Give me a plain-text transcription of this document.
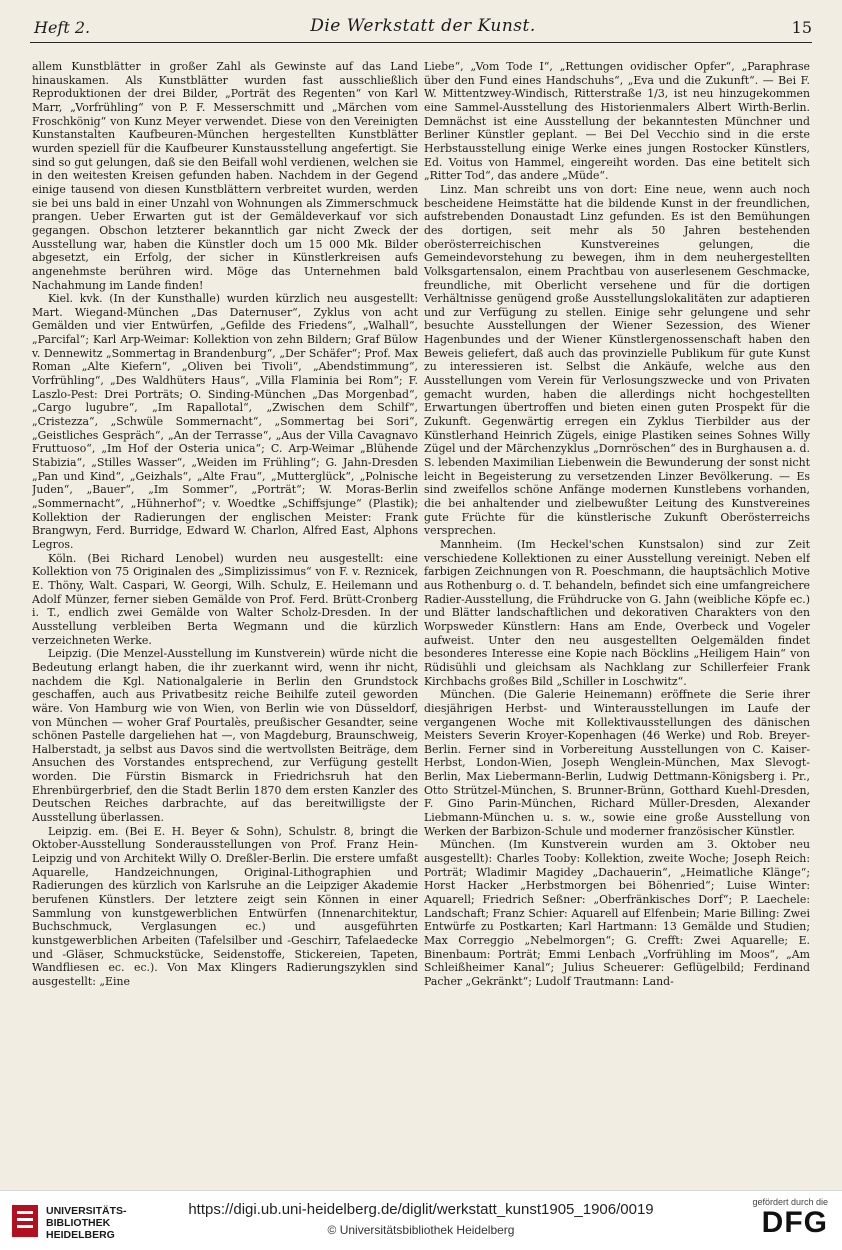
Heft 2.	Die Werkstatt der Kunst.	15

allem Kunstblätter in großer Zahl als Gewinste auf das Land hinauskamen. Als Kunstblätter wurden fast ausschließlich Reproduktionen der drei Bilder, „Porträt des Regenten“ von Karl Marr, „Vorfrühling“ von P. F. Messerschmitt und „Märchen vom Froschkönig“ von Kunz Meyer verwendet. Diese von den Vereinigten Kunstanstalten Kaufbeuren-München hergestellten Kunstblätter wurden speziell für die Kaufbeurer Kunstausstellung angefertigt. Sie sind so gut gelungen, daß sie den Beifall wohl verdienen, welchen sie in den weitesten Kreisen gefunden haben. Nachdem in der Gegend einige tausend von diesen Kunstblättern verbreitet wurden, werden sie bei uns bald in einer Unzahl von Wohnungen als Zimmerschmuck prangen. Ueber Erwarten gut ist der Gemäldeverkauf vor sich gegangen. Obschon letzterer bekanntlich gar nicht Zweck der Ausstellung war, haben die Künstler doch um 15 000 Mk. Bilder abgesetzt, ein Erfolg, der sicher in Künstlerkreisen aufs angenehmste berühren wird. Möge das Unternehmen bald Nachahmung im Lande finden!

Kiel. kvk. (In der Kunsthalle) wurden kürzlich neu ausgestellt: Mart. Wiegand-München „Das Daternuser“, Zyklus von acht Gemälden und vier Entwürfen, „Gefilde des Friedens“, „Walhall“, „Parcifal“; Karl Arp-Weimar: Kollektion von zehn Bildern; Graf Bülow v. Dennewitz „Sommertag in Brandenburg“, „Der Schäfer“; Prof. Max Roman „Alte Kiefern“, „Oliven bei Tivoli“, „Abendstimmung“, Vorfrühling“, „Des Waldhüters Haus“, „Villa Flaminia bei Rom“; F. Laszlo-Pest: Drei Porträts; O. Sinding-München „Das Morgenbad“, „Cargo lugubre“, „Im Rapallotal“, „Zwischen dem Schilf“, „Cristezza“, „Schwüle Sommernacht“, „Sommertag bei Sori“, „Geistliches Gespräch“, „An der Terrasse“, „Aus der Villa Cavagnavo Fruttuoso“, „Im Hof der Osteria unica“; C. Arp-Weimar „Blühende Stabizia“, „Stilles Wasser“, „Weiden im Frühling“; G. Jahn-Dresden „Pan und Kind“, „Geizhals“, „Alte Frau“, „Mutterglück“, „Polnische Juden“, „Bauer“, „Im Sommer“, „Porträt“; W. Moras-Berlin „Sommernacht“, „Hühnerhof“; v. Woedtke „Schiffsjunge“ (Plastik); Kollektion der Radierungen der englischen Meister: Frank Brangwyn, Ferd. Burridge, Edward W. Charlon, Alfred East, Alphons Legros.

Köln. (Bei Richard Lenobel) wurden neu ausgestellt: eine Kollektion von 75 Originalen des „Simplizissimus“ von F. v. Reznicek, E. Thöny, Walt. Caspari, W. Georgi, Wilh. Schulz, E. Heilemann und Adolf Münzer, ferner sieben Gemälde von Prof. Ferd. Brütt-Cronberg i. T., endlich zwei Gemälde von Walter Scholz-Dresden. In der Ausstellung verbleiben Berta Wegmann und die kürzlich verzeichneten Werke.

Leipzig. (Die Menzel-Ausstellung im Kunstverein) würde nicht die Bedeutung erlangt haben, die ihr zuerkannt wird, wenn ihr nicht, nachdem die Kgl. Nationalgalerie in Berlin den Grundstock geschaffen, auch aus Privatbesitz reiche Beihilfe zuteil geworden wäre. Von Hamburg wie von Wien, von Berlin wie von Düsseldorf, von München — woher Graf Pourtalès, preußischer Gesandter, seine schönen Pastelle dargeliehen hat —, von Magdeburg, Braunschweig, Halberstadt, ja selbst aus Davos sind die wertvollsten Beiträge, dem Ansuchen des Vorstandes entsprechend, zur Verfügung gestellt worden. Die Fürstin Bismarck in Friedrichsruh hat den Ehrenbürgerbrief, den die Stadt Berlin 1870 dem ersten Kanzler des Deutschen Reiches darbrachte, auf das bereitwilligste der Ausstellung überlassen.

Leipzig. em. (Bei E. H. Beyer & Sohn), Schulstr. 8, bringt die Oktober-Ausstellung Sonderausstellungen von Prof. Franz Hein-Leipzig und von Architekt Willy O. Dreßler-Berlin. Die erstere umfaßt Aquarelle, Handzeichnungen, Original-Lithographien und Radierungen des kürzlich von Karlsruhe an die Leipziger Akademie berufenen Künstlers. Der letztere zeigt sein Können in einer Sammlung von kunstgewerblichen Entwürfen (Innenarchitektur, Buchschmuck, Verglasungen ec.) und ausgeführten kunstgewerblichen Arbeiten (Tafelsilber und -Geschirr, Tafelaedecke und -Gläser, Schmuckstücke, Seidenstoffe, Stickereien, Tapeten, Wandfliesen ec. ec.). Von Max Klingers Radierungszyklen sind ausgestellt: „Eine

Liebe“, „Vom Tode I“, „Rettungen ovidischer Opfer“, „Paraphrase über den Fund eines Handschuhs“, „Eva und die Zukunft“. — Bei F. W. Mittentzwey-Windisch, Ritterstraße 1/3, ist neu hinzugekommen eine Sammel-Ausstellung des Historienmalers Albert Wirth-Berlin. Demnächst ist eine Ausstellung der bekanntesten Münchner und Berliner Künstler geplant. — Bei Del Vecchio sind in die erste Herbstausstellung einige Werke eines jungen Rostocker Künstlers, Ed. Voitus von Hammel, eingereiht worden. Das eine betitelt sich „Ritter Tod“, das andere „Müde“.

Linz. Man schreibt uns von dort: Eine neue, wenn auch noch bescheidene Heimstätte hat die bildende Kunst in der freundlichen, aufstrebenden Donaustadt Linz gefunden. Es ist den Bemühungen des dortigen, seit mehr als 50 Jahren bestehenden oberösterreichischen Kunstvereines gelungen, die Gemeindevorstehung zu bewegen, ihm in dem neuhergestellten Volksgartensalon, einem Prachtbau von auserlesenem Geschmacke, freundliche, mit Oberlicht versehene und für die dortigen Verhältnisse genügend große Ausstellungslokalitäten zur adaptieren und zur Verfügung zu stellen. Einige sehr gelungene und sehr besuchte Ausstellungen der Wiener Sezession, des Wiener Hagenbundes und der Wiener Künstlergenossenschaft haben den Beweis geliefert, daß auch das provinzielle Publikum für gute Kunst zu interessieren ist. Selbst die Ankäufe, welche aus den Ausstellungen vom Verein für Verlosungszwecke und von Privaten gemacht wurden, haben die allerdings nicht hochgestellten Erwartungen übertroffen und bieten einen guten Prospekt für die Zukunft. Gegenwärtig erregen ein Zyklus Tierbilder aus der Künstlerhand Heinrich Zügels, einige Plastiken seines Sohnes Willy Zügel und der Märchenzyklus „Dornröschen“ des in Burghausen a. d. S. lebenden Maximilian Liebenwein die Bewunderung der sonst nicht leicht in Begeisterung zu versetzenden Linzer Bevölkerung. — Es sind zweifellos schöne Anfänge modernen Kunstlebens vorhanden, die bei anhaltender und zielbewußter Leitung des Kunstvereines gute Früchte für die künstlerische Zukunft Oberösterreichs versprechen.

Mannheim. (Im Heckel'schen Kunstsalon) sind zur Zeit verschiedene Kollektionen zu einer Ausstellung vereinigt. Neben elf farbigen Zeichnungen von R. Poeschmann, die hauptsächlich Motive aus Rothenburg o. d. T. behandeln, befindet sich eine umfangreichere Radier-Ausstellung, die Frühdrucke von G. Jahn (weibliche Köpfe ec.) und Blätter landschaftlichen und dekorativen Charakters von den Worpsweder Künstlern: Hans am Ende, Overbeck und Vogeler aufweist. Unter den neu ausgestellten Oelgemälden findet besonderes Interesse eine Kopie nach Böcklins „Heiligem Hain“ von Rüdisühli und gleichsam als Nachklang zur Schillerfeier Frank Kirchbachs großes Bild „Schiller in Loschwitz“.

München. (Die Galerie Heinemann) eröffnete die Serie ihrer diesjährigen Herbst- und Winterausstellungen im Laufe der vergangenen Woche mit Kollektivausstellungen des dänischen Meisters Severin Kroyer-Kopenhagen (46 Werke) und Rob. Breyer-Berlin. Ferner sind in Vorbereitung Ausstellungen von C. Kaiser-Herbst, London-Wien, Joseph Wenglein-München, Max Slevogt-Berlin, Max Liebermann-Berlin, Ludwig Dettmann-Königsberg i. Pr., Otto Strützel-München, S. Brunner-Brünn, Gotthard Kuehl-Dresden, F. Gino Parin-München, Richard Müller-Dresden, Alexander Liebmann-München u. s. w., sowie eine große Ausstellung von Werken der Barbizon-Schule und moderner französischer Künstler.

München. (Im Kunstverein wurden am 3. Oktober neu ausgestellt): Charles Tooby: Kollektion, zweite Woche; Joseph Reich: Porträt; Wladimir Magidey „Dachauerin“, „Heimatliche Klänge“; Horst Hacker „Herbstmorgen bei Böhenried“; Luise Winter: Aquarell; Friedrich Seßner: „Oberfränkisches Dorf“; P. Laechele: Landschaft; Franz Schier: Aquarell auf Elfenbein; Marie Billing: Zwei Entwürfe zu Postkarten; Karl Hartmann: 13 Gemälde und Studien; Max Correggio „Nebelmorgen“; G. Crefft: Zwei Aquarelle; E. Binenbaum: Porträt; Emmi Lenbach „Vorfrühling im Moos“, „Am Schleißheimer Kanal“; Julius Scheuerer: Geflügelbild; Ferdinand Pacher „Gekränkt“; Ludolf Trautmann: Land-

UNIVERSITÄTS-
BIBLIOTHEK
HEIDELBERG
https://digi.ub.uni-heidelberg.de/diglit/werkstatt_kunst1905_1906/0019
© Universitätsbibliothek Heidelberg
gefördert durch die
DFG
